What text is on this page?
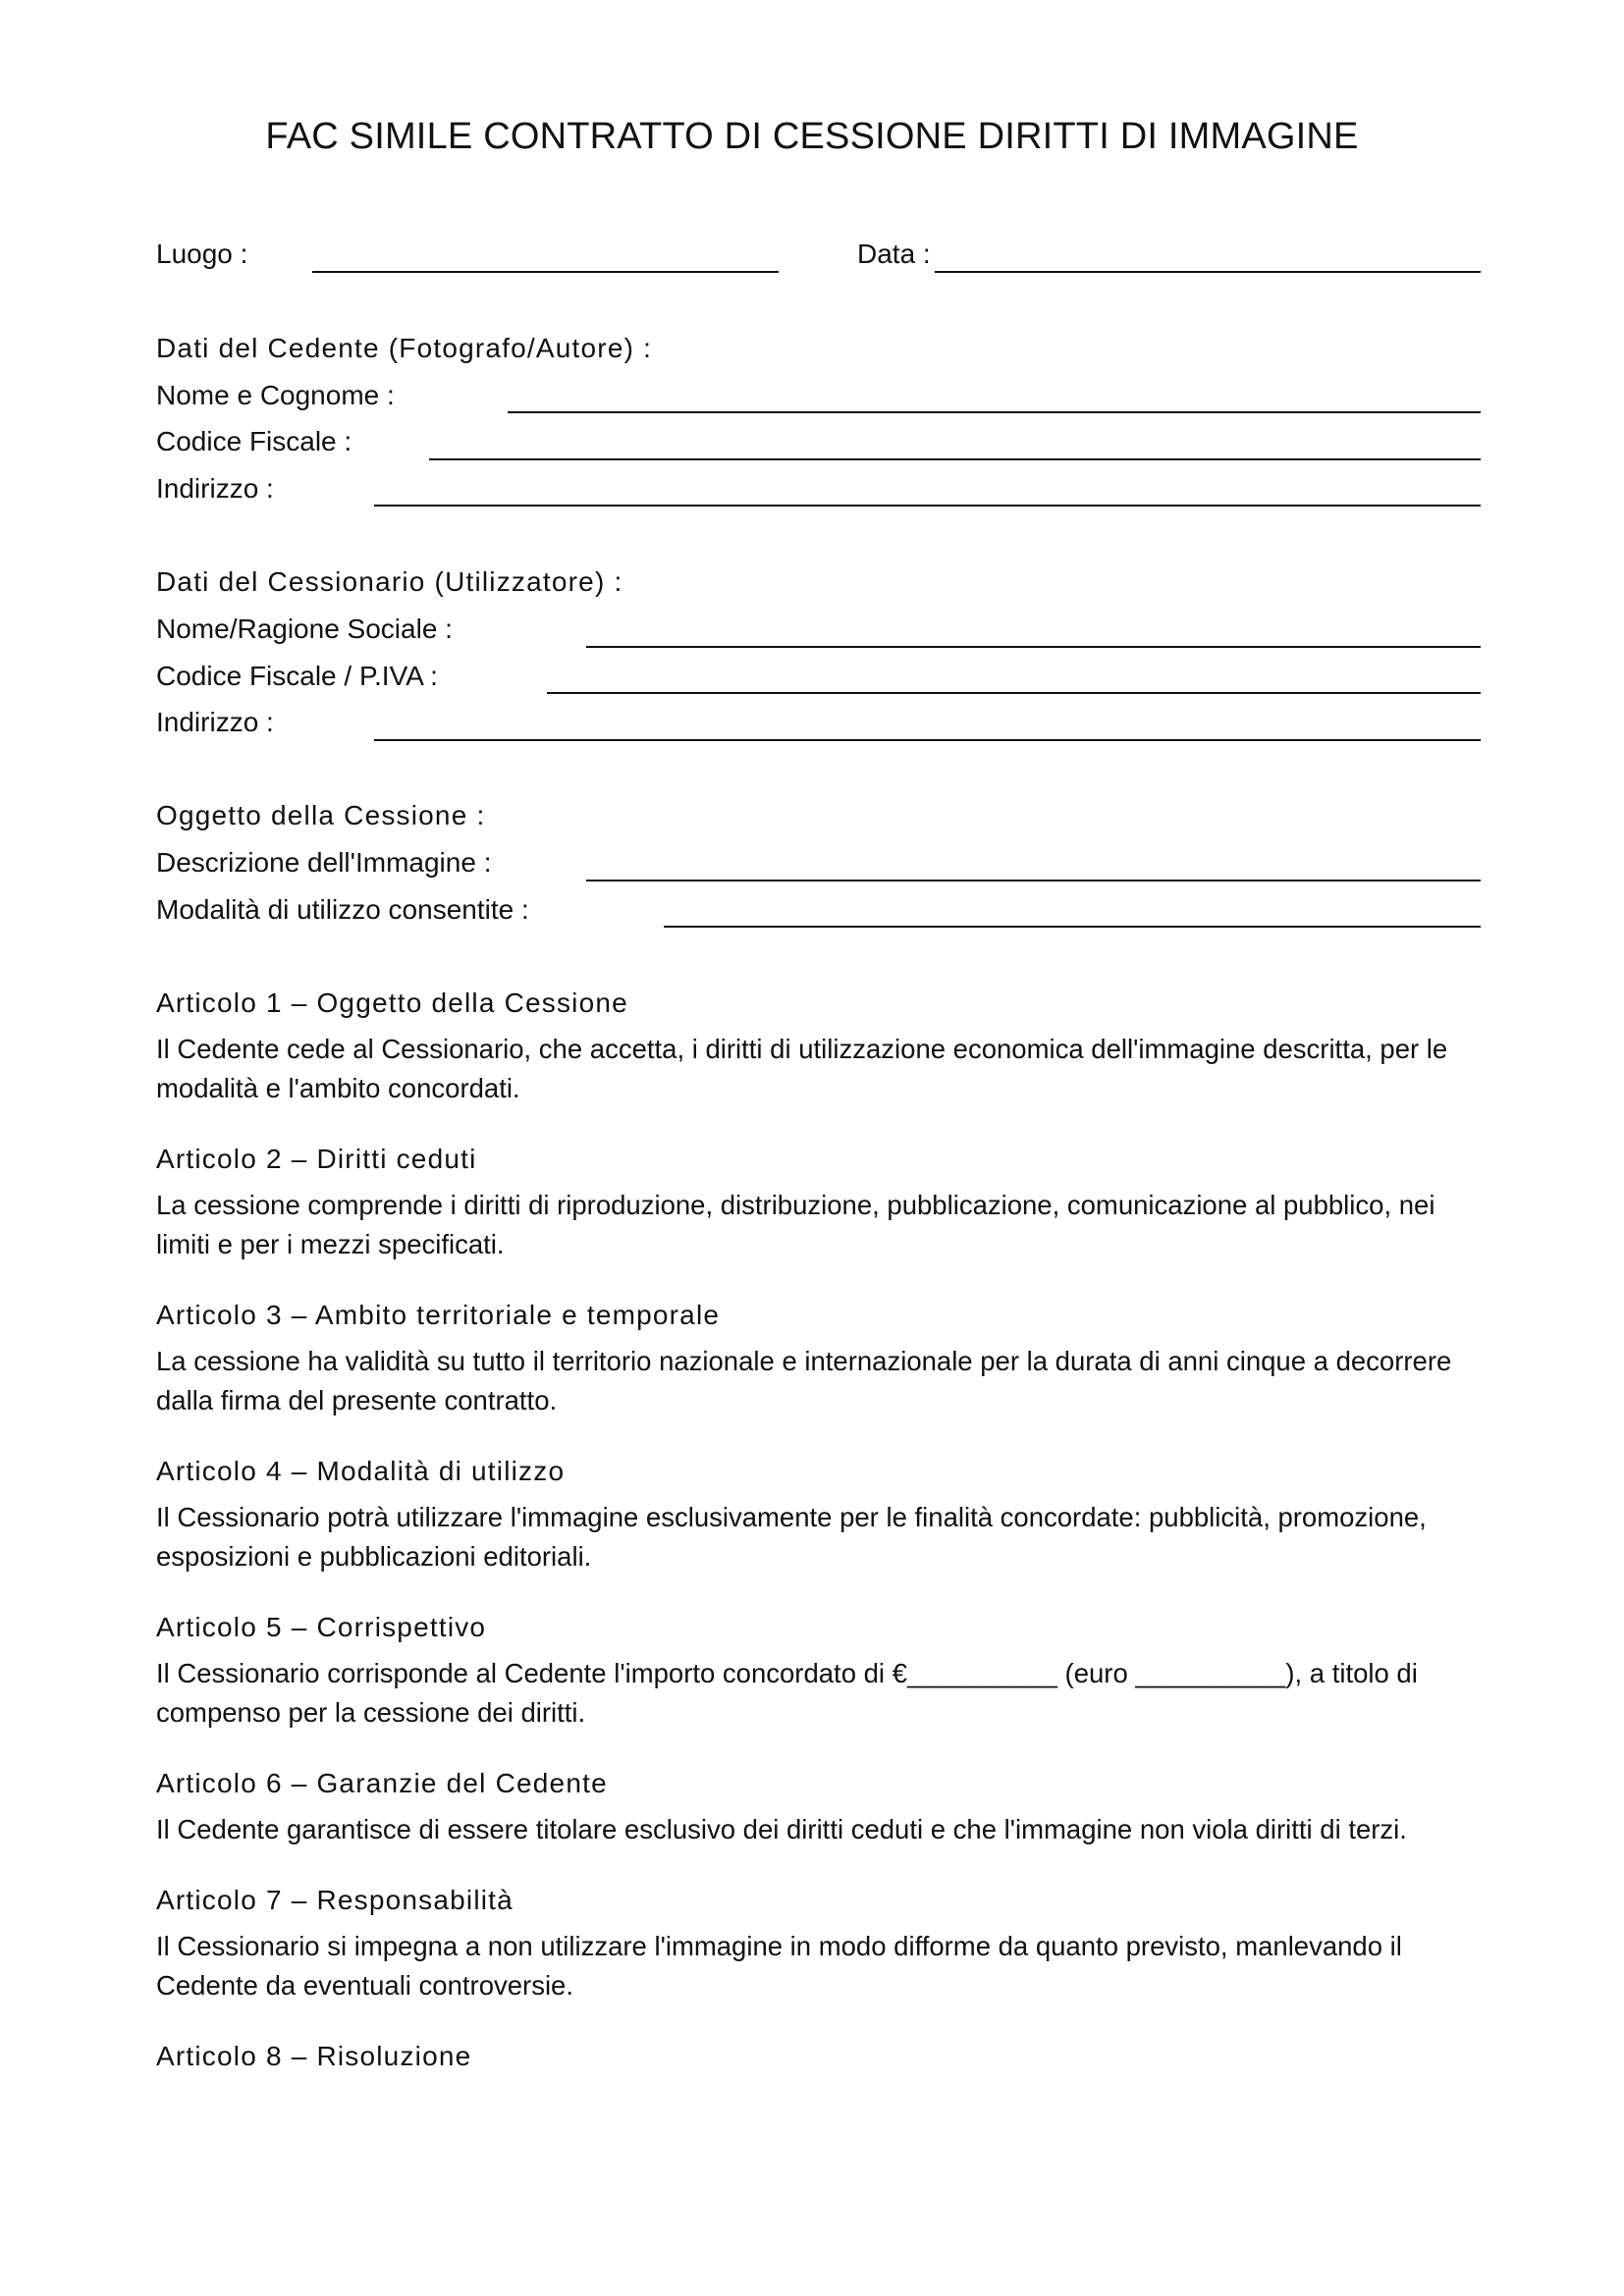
FAC SIMILE CONTRATTO DI CESSIONE DIRITTI DI IMMAGINE
Luogo :	Data :
Dati del Cedente (Fotografo/Autore) :
Nome e Cognome :
Codice Fiscale :
Indirizzo :
Dati del Cessionario (Utilizzatore) :
Nome/Ragione Sociale :
Codice Fiscale / P.IVA :
Indirizzo :
Oggetto della Cessione :
Descrizione dell'Immagine :
Modalità di utilizzo consentite :
Articolo 1 – Oggetto della Cessione
Il Cedente cede al Cessionario, che accetta, i diritti di utilizzazione economica dell'immagine descritta, per le
modalità e l'ambito concordati.
Articolo 2 – Diritti ceduti
La cessione comprende i diritti di riproduzione, distribuzione, pubblicazione, comunicazione al pubblico, nei
limiti e per i mezzi specificati.
Articolo 3 – Ambito territoriale e temporale
La cessione ha validità su tutto il territorio nazionale e internazionale per la durata di anni cinque a decorrere
dalla firma del presente contratto.
Articolo 4 – Modalità di utilizzo
Il Cessionario potrà utilizzare l'immagine esclusivamente per le finalità concordate: pubblicità, promozione,
esposizioni e pubblicazioni editoriali.
Articolo 5 – Corrispettivo
Il Cessionario corrisponde al Cedente l'importo concordato di €__________ (euro __________), a titolo di
compenso per la cessione dei diritti.
Articolo 6 – Garanzie del Cedente
Il Cedente garantisce di essere titolare esclusivo dei diritti ceduti e che l'immagine non viola diritti di terzi.
Articolo 7 – Responsabilità
Il Cessionario si impegna a non utilizzare l'immagine in modo difforme da quanto previsto, manlevando il
Cedente da eventuali controversie.
Articolo 8 – Risoluzione
